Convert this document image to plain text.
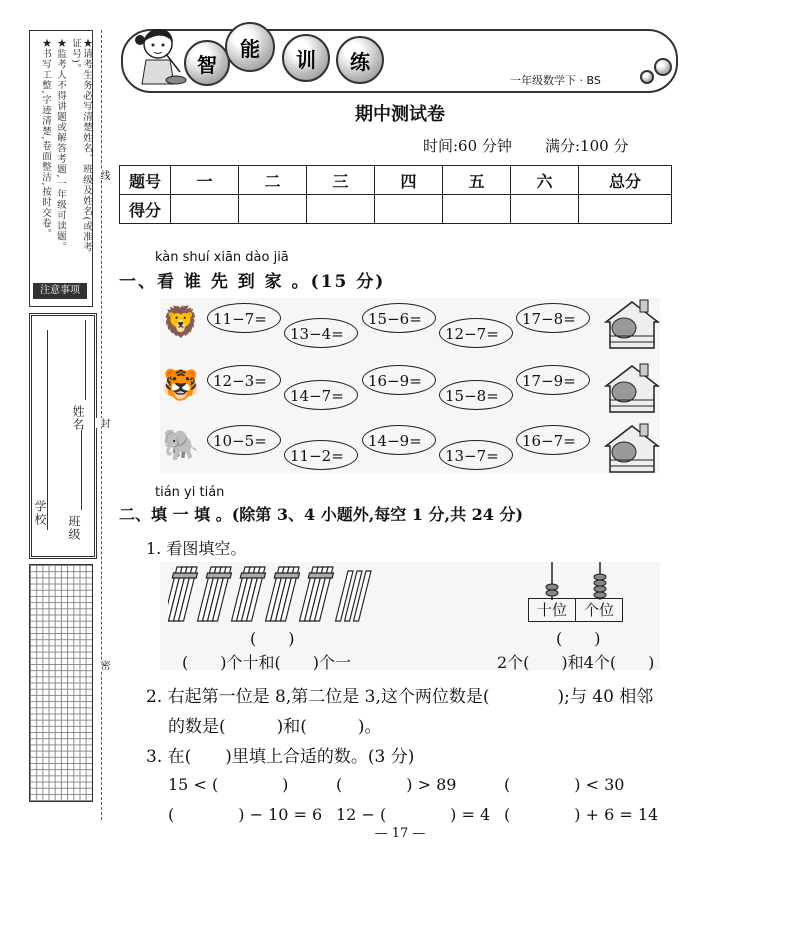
★请考生务必写清楚姓名、班级及姓名(或准考证号)。
★监考人不得讲题或解答考题,一年级可读题。
★书写工整,字迹清楚,卷面整洁,按时交卷。
注意事项
学校
姓名
班级
线
封
密
智
能	训	练
一年级数学下 · BS
期中测试卷
时间:60 分钟 满分:100 分
题号	一	二	三	四	五	六	总分
得分							
kàn shuí xiān dào jiā
一、看 谁 先 到 家 。(15 分)
🦁
🐯
🐘
11−7=
13−4=
15−6=
12−7=
17−8=
12−3=
14−7=
16−9=
15−8=
17−9=
10−5=
11−2=
14−9=
13−7=
16−7=
tián yi tián
二、填 一 填 。(除第 3、4 小题外,每空 1 分,共 24 分)
1. 看图填空。
(　　)
(　　)个十和(　　)个一
十位	个位
(　　)
2个(　　)和4个(　　)
2. 右起第一位是 8,第二位是 3,这个两位数是(　　　　);与 40 相邻
的数是(　　　)和(　　　)。
3. 在(　　)里填上合适的数。(3 分)
15 < (　　　　)	(　　　　) > 89	(　　　　) < 30
(　　　　) − 10 = 6 12 − (　　　　) = 4 (　　　　) + 6 = 14
— 17 —
